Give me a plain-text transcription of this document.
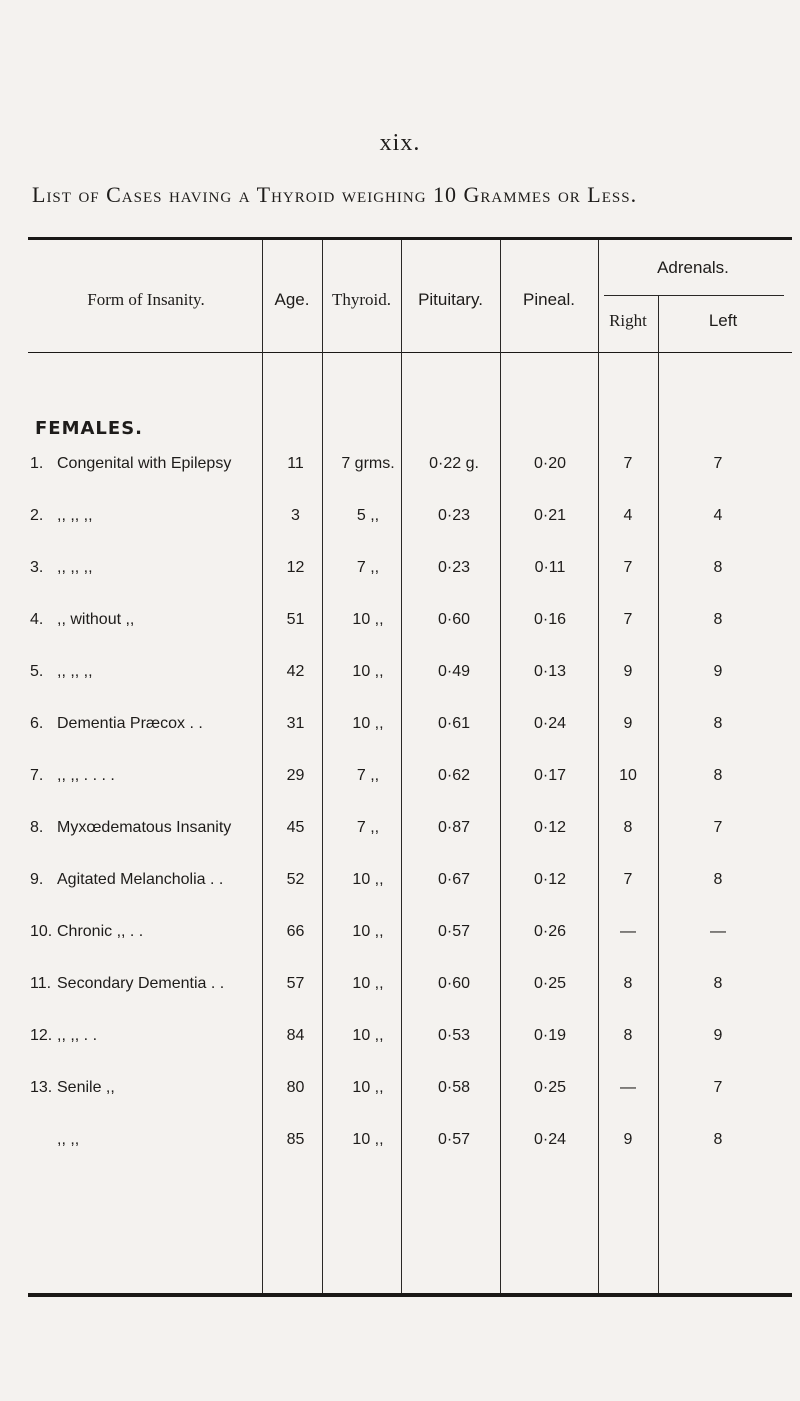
xix.
List of Cases having a Thyroid weighing 10 Grammes or Less.
Form of Insanity.	Age.	Thyroid.	Pituitary.	Pineal.
Adrenals.
Right	Left
FEMALES.
1. Congenital with Epilepsy	11	7 grms.	0·22 g.	0·20	7	7
2. ,, ,, ,,	3	5 ,,	0·23	0·21	4	4
3. ,, ,, ,,	12	7 ,,	0·23	0·11	7	8
4. ,, without ,,	51	10 ,,	0·60	0·16	7	8
5. ,, ,, ,,	42	10 ,,	0·49	0·13	9	9
6. Dementia Præcox . .	31	10 ,,	0·61	0·24	9	8
7. ,, ,, . . . .	29	7 ,,	0·62	0·17	10	8
8. Myxœdematous Insanity	45	7 ,,	0·87	0·12	8	7
9. Agitated Melancholia . .	52	10 ,,	0·67	0·12	7	8
10. Chronic ,, . .	66	10 ,,	0·57	0·26	—	—
11. Secondary Dementia . .	57	10 ,,	0·60	0·25	8	8
12. ,, ,, . .	84	10 ,,	0·53	0·19	8	9
13. Senile ,,	80	10 ,,	0·58	0·25	—	7
,, ,,	85	10 ,,	0·57	0·24	9	8
